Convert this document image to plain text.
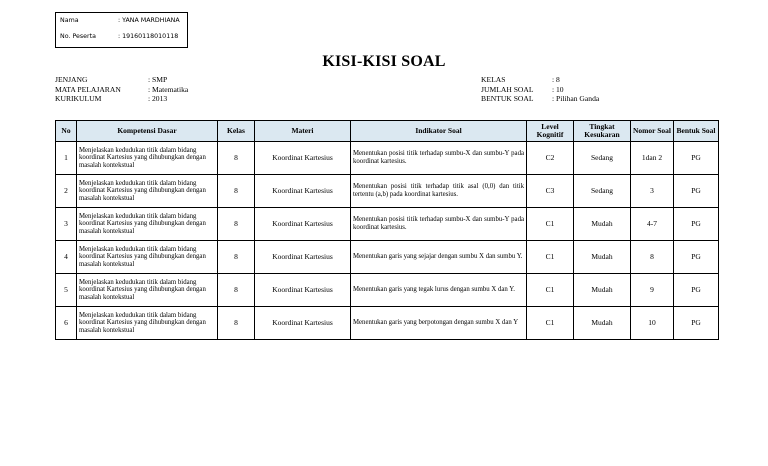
Nama	: YANA MARDHIANA
No. Peserta	: 19160118010118
KISI-KISI SOAL
JENJANG	: SMP
MATA PELAJARAN	: Matematika
KURIKULUM	: 2013
KELAS	: 8
JUMLAH SOAL : 10
BENTUK SOAL : Pilihan Ganda
No	Kompetensi Dasar	Kelas	Materi	Indikator Soal	Level Kognitif	Tingkat Kesukaran	Nomor Soal	Bentuk Soal
1	Menjelaskan kedudukan titik dalam bidang koordinat Kartesius yang dihubungkan dengan masalah kontekstual	8	Koordinat Kartesius	Menentukan posisi titik terhadap sumbu-X dan sumbu-Y pada koordinat kartesius.	C2	Sedang	1dan 2	PG
2	Menjelaskan kedudukan titik dalam bidang koordinat Kartesius yang dihubungkan dengan masalah kontekstual	8	Koordinat Kartesius	Menentukan posisi titik terhadap titik asal (0,0) dan titik tertentu (a,b) pada koordinat kartesius.	C3	Sedang	3	PG
3	Menjelaskan kedudukan titik dalam bidang koordinat Kartesius yang dihubungkan dengan masalah kontekstual	8	Koordinat Kartesius	Menentukan posisi titik terhadap sumbu-X dan sumbu-Y pada koordinat kartesius.	C1	Mudah	4-7	PG
4	Menjelaskan kedudukan titik dalam bidang koordinat Kartesius yang dihubungkan dengan masalah kontekstual	8	Koordinat Kartesius	Menentukan garis yang sejajar dengan sumbu X dan sumbu Y.	C1	Mudah	8	PG
5	Menjelaskan kedudukan titik dalam bidang koordinat Kartesius yang dihubungkan dengan masalah kontekstual	8	Koordinat Kartesius	Menentukan garis yang tegak lurus dengan sumbu X dan Y.	C1	Mudah	9	PG
6	Menjelaskan kedudukan titik dalam bidang koordinat Kartesius yang dihubungkan dengan masalah kontekstual	8	Koordinat Kartesius	Menentukan garis yang berpotongan dengan sumbu X dan Y	C1	Mudah	10	PG
